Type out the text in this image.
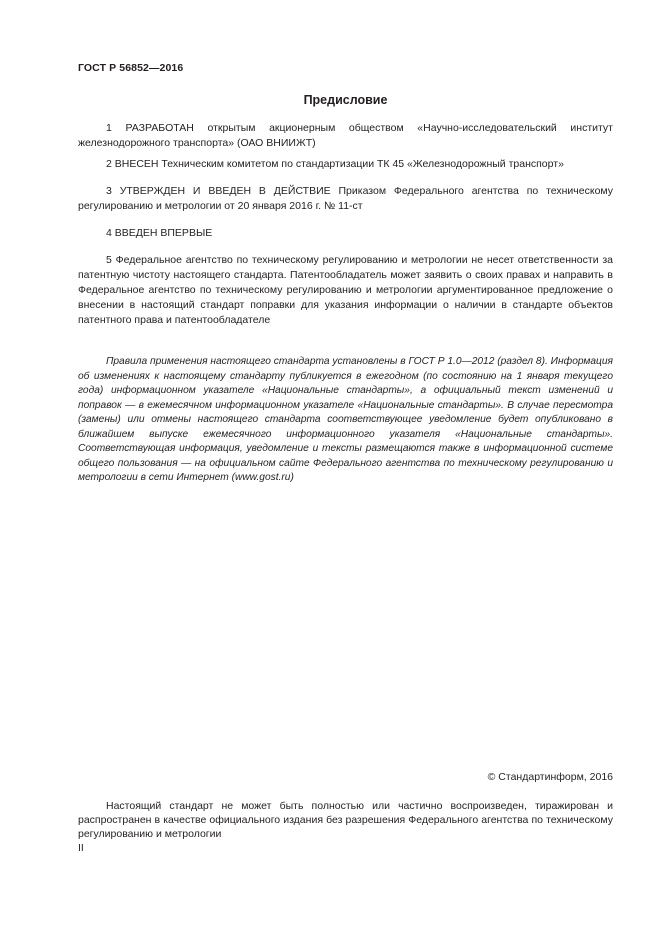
ГОСТ Р 56852—2016
Предисловие

1 РАЗРАБОТАН открытым акционерным обществом «Научно-исследовательский институт железнодорожного транспорта» (ОАО ВНИИЖТ)

2 ВНЕСЕН Техническим комитетом по стандартизации ТК 45 «Железнодорожный транспорт»

3 УТВЕРЖДЕН И ВВЕДЕН В ДЕЙСТВИЕ Приказом Федерального агентства по техническому регулированию и метрологии от 20 января 2016 г. № 11-ст

4 ВВЕДЕН ВПЕРВЫЕ

5 Федеральное агентство по техническому регулированию и метрологии не несет ответственности за патентную чистоту настоящего стандарта. Патентообладатель может заявить о своих правах и направить в Федеральное агентство по техническому регулированию и метрологии аргументированное предложение о внесении в настоящий стандарт поправки для указания информации о наличии в стандарте объектов патентного права и патентообладателе

Правила применения настоящего стандарта установлены в ГОСТ Р 1.0—2012 (раздел 8). Информация об изменениях к настоящему стандарту публикуется в ежегодном (по состоянию на 1 января текущего года) информационном указателе «Национальные стандарты», а официальный текст изменений и поправок — в ежемесячном информационном указателе «Национальные стандарты». В случае пересмотра (замены) или отмены настоящего стандарта соответствующее уведомление будет опубликовано в ближайшем выпуске ежемесячного информационного указателя «Национальные стандарты». Соответствующая информация, уведомление и тексты размещаются также в информационной системе общего пользования — на официальном сайте Федерального агентства по техническому регулированию и метрологии в сети Интернет (www.gost.ru)

© Стандартинформ, 2016

Настоящий стандарт не может быть полностью или частично воспроизведен, тиражирован и распространен в качестве официального издания без разрешения Федерального агентства по техническому регулированию и метрологии

II
